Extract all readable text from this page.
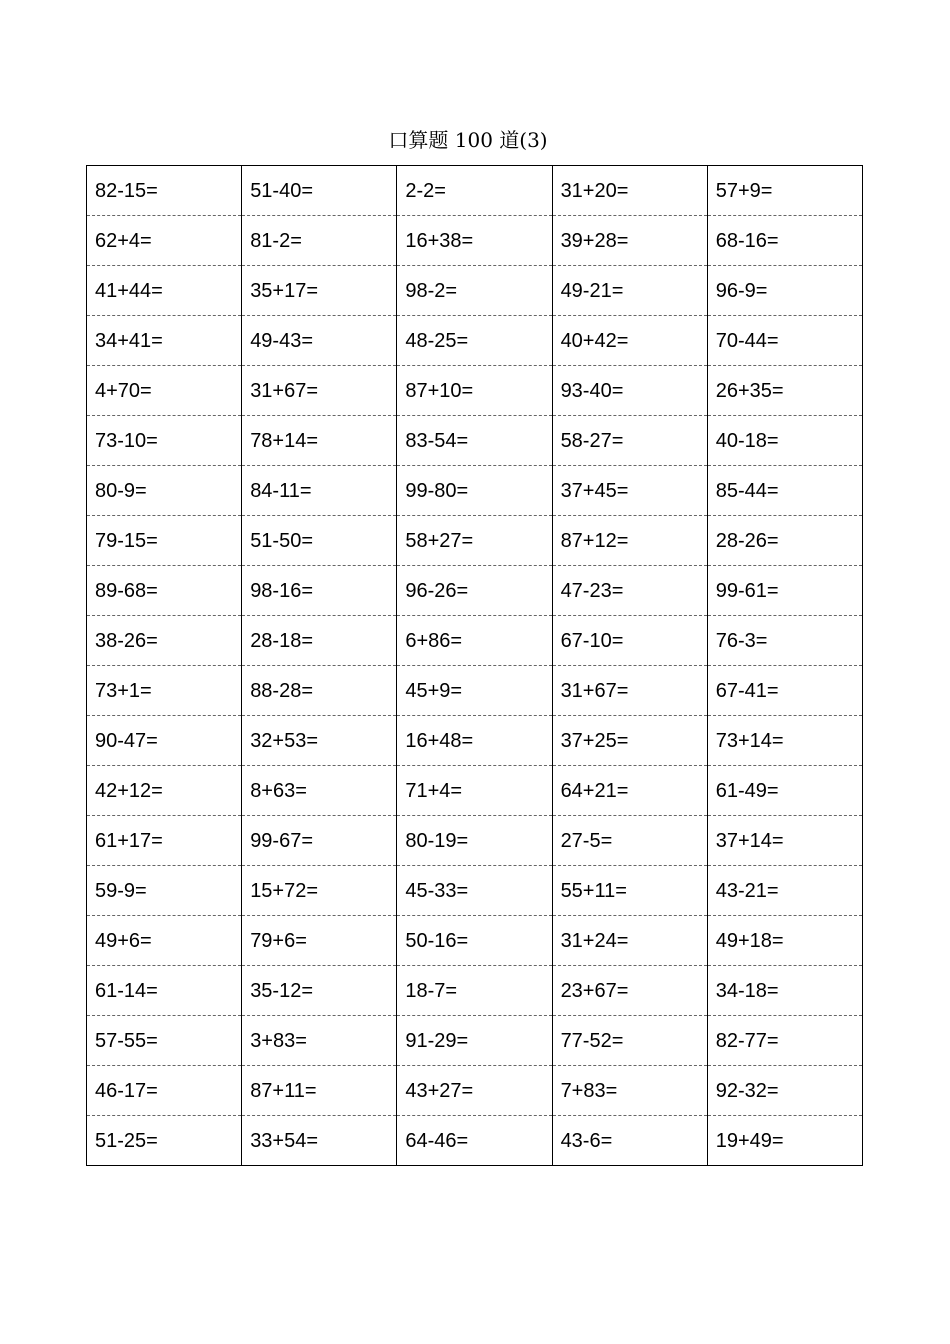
口算题 100 道(3)
82-15=	51-40=	2-2=	31+20=	57+9=
62+4=	81-2=	16+38=	39+28=	68-16=
41+44=	35+17=	98-2=	49-21=	96-9=
34+41=	49-43=	48-25=	40+42=	70-44=
4+70=	31+67=	87+10=	93-40=	26+35=
73-10=	78+14=	83-54=	58-27=	40-18=
80-9=	84-11=	99-80=	37+45=	85-44=
79-15=	51-50=	58+27=	87+12=	28-26=
89-68=	98-16=	96-26=	47-23=	99-61=
38-26=	28-18=	6+86=	67-10=	76-3=
73+1=	88-28=	45+9=	31+67=	67-41=
90-47=	32+53=	16+48=	37+25=	73+14=
42+12=	8+63=	71+4=	64+21=	61-49=
61+17=	99-67=	80-19=	27-5=	37+14=
59-9=	15+72=	45-33=	55+11=	43-21=
49+6=	79+6=	50-16=	31+24=	49+18=
61-14=	35-12=	18-7=	23+67=	34-18=
57-55=	3+83=	91-29=	77-52=	82-77=
46-17=	87+11=	43+27=	7+83=	92-32=
51-25=	33+54=	64-46=	43-6=	19+49=
